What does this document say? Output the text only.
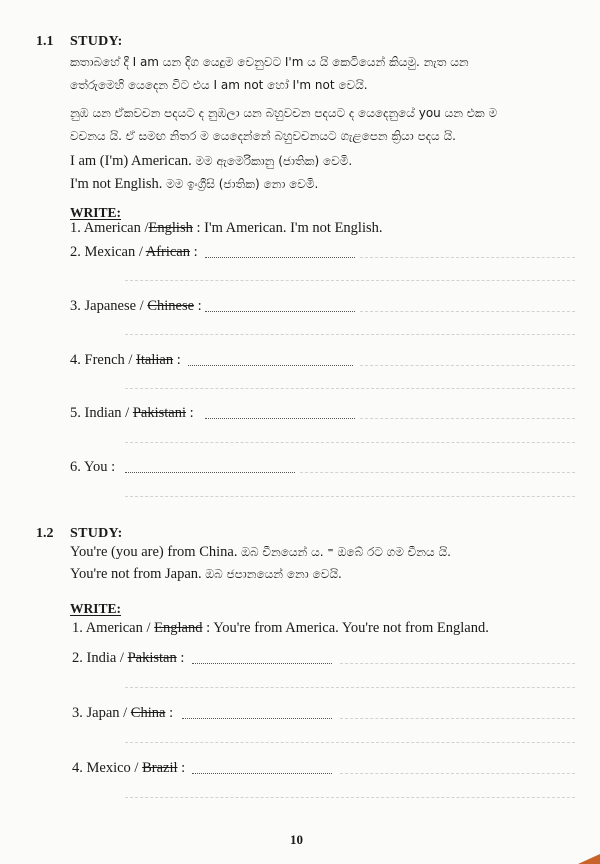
1.1 STUDY:
කතාබහේ දී I am යන දිග යෙදුම වෙනුවට I'm ය යි කෙටියෙන් කියමු. නැත යන
තේරුමෙහි යෙදෙන විට එය I am not හෝ I'm not වෙයි.
නුඹ යන ඒකවචන පදයට ද නුඹලා යන බහුවචන පදයට ද යෙදෙනුයේ you යන එක ම
වචනය යි. ඒ සමඟ නිතර ම යෙදෙන්නේ බහුවචනයට ගැළපෙන ක්‍රියා පදය යි.
I am (I'm) American. මම ඇමෙරිකානු (ජාතික) වෙමි.
I'm not English. මම ඉංග්‍රීසි (ජාතික) නො වෙමි.
WRITE:
1. American /English : I'm American. I'm not English.
2. Mexican / African :
3. Japanese / Chinese :
4. French / Italian :
5. Indian / Pakistani :
6. You :
1.2 STUDY:
You're (you are) from China. ඔබ චීනයෙන් ය. ⁼ ඔබේ රට ගම චීනය යි.
You're not from Japan. ඔබ ජපානයෙන් නො වෙයි.
WRITE:
1. American / England : You're from America. You're not from England.
2. India / Pakistan :
3. Japan / China :
4. Mexico / Brazil :
10
